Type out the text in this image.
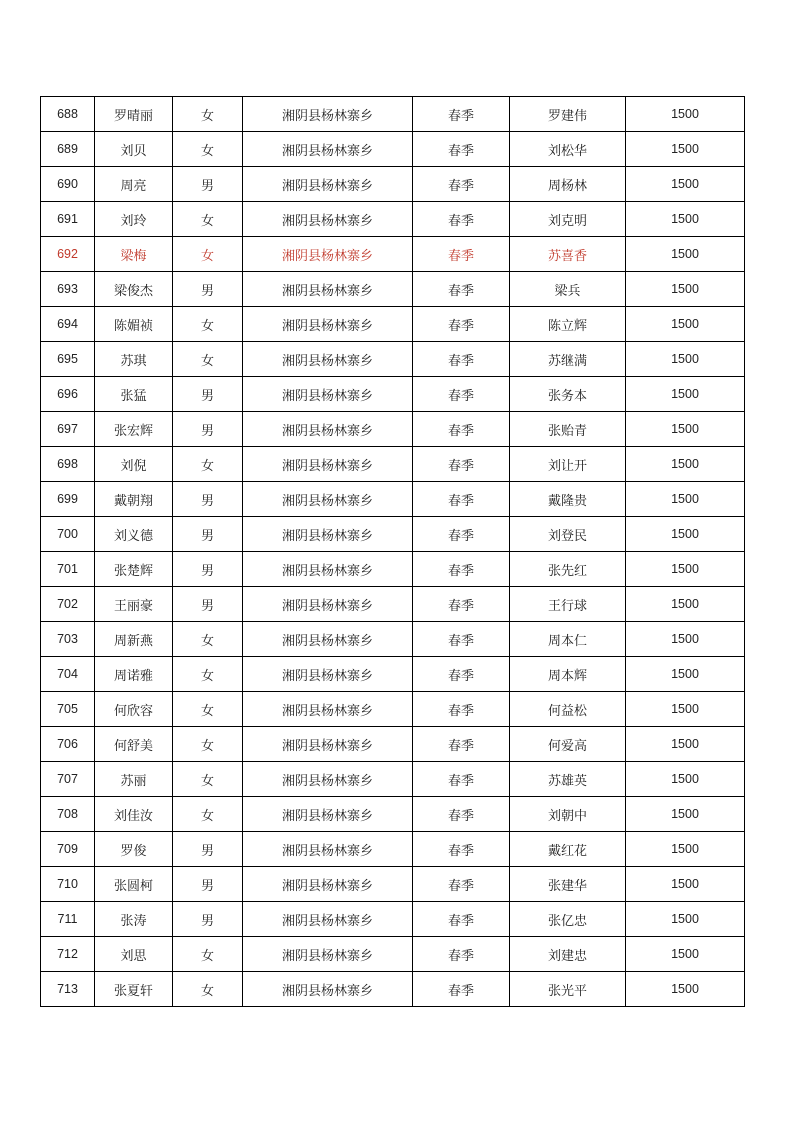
688	罗晴丽	女	湘阴县杨林寨乡	春季	罗建伟	1500
689	刘贝	女	湘阴县杨林寨乡	春季	刘松华	1500
690	周亮	男	湘阴县杨林寨乡	春季	周杨林	1500
691	刘玲	女	湘阴县杨林寨乡	春季	刘克明	1500
692	梁梅	女	湘阴县杨林寨乡	春季	苏喜香	1500
693	梁俊杰	男	湘阴县杨林寨乡	春季	梁兵	1500
694	陈媚祯	女	湘阴县杨林寨乡	春季	陈立辉	1500
695	苏琪	女	湘阴县杨林寨乡	春季	苏继满	1500
696	张猛	男	湘阴县杨林寨乡	春季	张务本	1500
697	张宏辉	男	湘阴县杨林寨乡	春季	张贻青	1500
698	刘倪	女	湘阴县杨林寨乡	春季	刘让开	1500
699	戴朝翔	男	湘阴县杨林寨乡	春季	戴隆贵	1500
700	刘义德	男	湘阴县杨林寨乡	春季	刘登民	1500
701	张楚辉	男	湘阴县杨林寨乡	春季	张先红	1500
702	王丽豪	男	湘阴县杨林寨乡	春季	王行球	1500
703	周新燕	女	湘阴县杨林寨乡	春季	周本仁	1500
704	周诺雅	女	湘阴县杨林寨乡	春季	周本辉	1500
705	何欣容	女	湘阴县杨林寨乡	春季	何益松	1500
706	何舒美	女	湘阴县杨林寨乡	春季	何爱高	1500
707	苏丽	女	湘阴县杨林寨乡	春季	苏雄英	1500
708	刘佳汝	女	湘阴县杨林寨乡	春季	刘朝中	1500
709	罗俊	男	湘阴县杨林寨乡	春季	戴红花	1500
710	张圆柯	男	湘阴县杨林寨乡	春季	张建华	1500
711	张涛	男	湘阴县杨林寨乡	春季	张亿忠	1500
712	刘思	女	湘阴县杨林寨乡	春季	刘建忠	1500
713	张夏轩	女	湘阴县杨林寨乡	春季	张光平	1500
